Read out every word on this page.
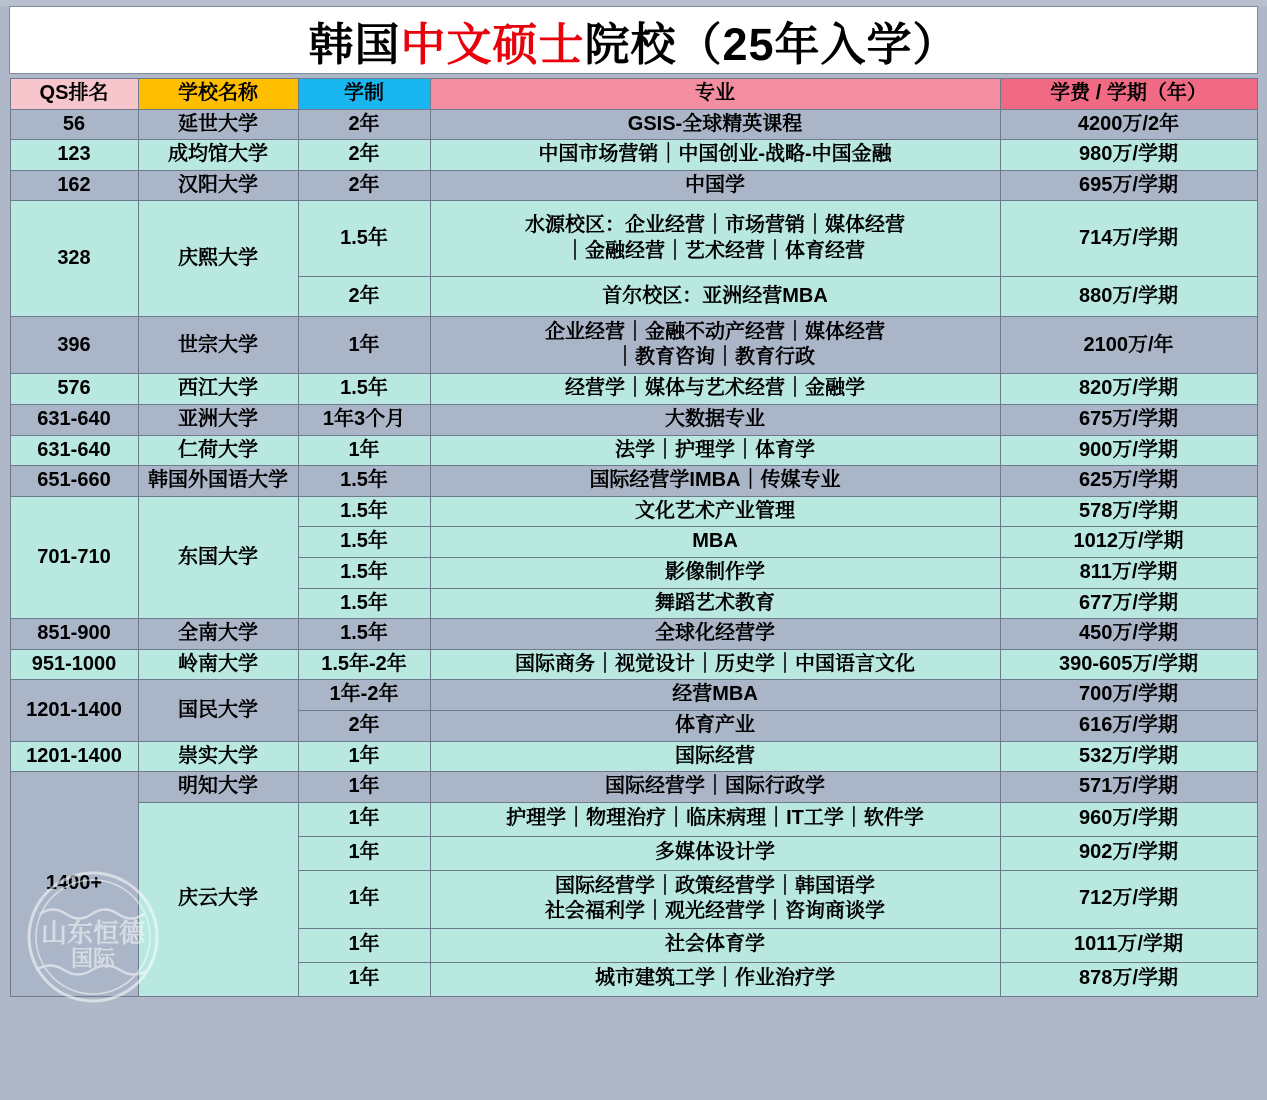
韩国中文硕士院校（25年入学）
QS排名	学校名称	学制	专业	学费 / 学期（年）
56	延世大学	2年	GSIS-全球精英课程	4200万/2年
123	成均馆大学	2年	中国市场营销｜中国创业-战略-中国金融	980万/学期
162	汉阳大学	2年	中国学	695万/学期
328	庆熙大学	1.5年	水源校区：企业经营｜市场营销｜媒体经营
｜金融经营｜艺术经营｜体育经营	714万/学期
		2年	首尔校区：亚洲经营MBA	880万/学期
396	世宗大学	1年	企业经营｜金融不动产经营｜媒体经营
｜教育咨询｜教育行政	2100万/年
576	西江大学	1.5年	经营学｜媒体与艺术经营｜金融学	820万/学期
631-640	亚洲大学	1年3个月	大数据专业	675万/学期
631-640	仁荷大学	1年	法学｜护理学｜体育学	900万/学期
651-660	韩国外国语大学	1.5年	国际经营学IMBA｜传媒专业	625万/学期
701-710	东国大学	1.5年	文化艺术产业管理	578万/学期
		1.5年	MBA	1012万/学期
		1.5年	影像制作学	811万/学期
		1.5年	舞蹈艺术教育	677万/学期
851-900	全南大学	1.5年	全球化经营学	450万/学期
951-1000	岭南大学	1.5年-2年	国际商务｜视觉设计｜历史学｜中国语言文化	390-605万/学期
1201-1400	国民大学	1年-2年	经营MBA	700万/学期
		2年	体育产业	616万/学期
1201-1400	崇实大学	1年	国际经营	532万/学期
1400+	明知大学	1年	国际经营学｜国际行政学	571万/学期
	庆云大学	1年	护理学｜物理治疗｜临床病理｜IT工学｜软件学	960万/学期
		1年	多媒体设计学	902万/学期
		1年	国际经营学｜政策经营学｜韩国语学
社会福利学｜观光经营学｜咨询商谈学	712万/学期
		1年	社会体育学	1011万/学期
		1年	城市建筑工学｜作业治疗学	878万/学期
山东恒德
国际
